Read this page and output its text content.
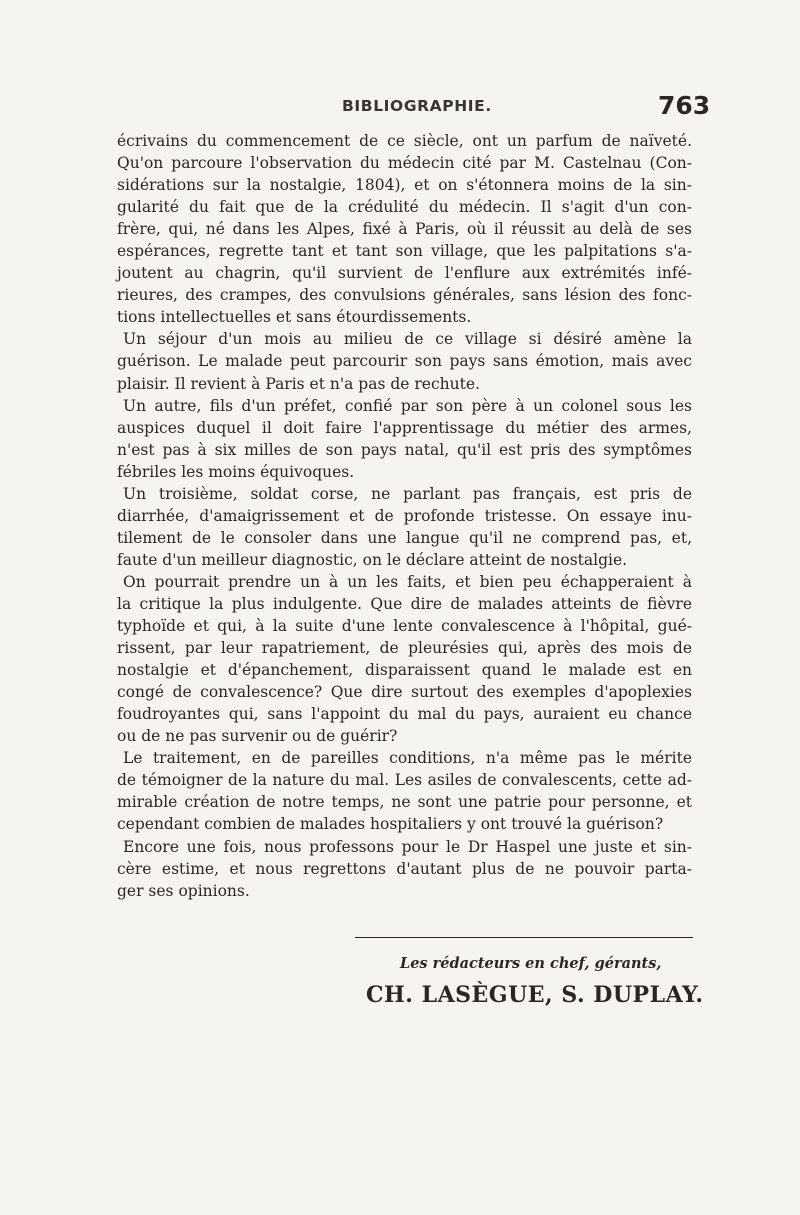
BIBLIOGRAPHIE.	763
écrivains du commencement de ce siècle, ont un parfum de naïveté.
Qu'on parcoure l'observation du médecin cité par M. Castelnau (Con-
sidérations sur la nostalgie, 1804), et on s'étonnera moins de la sin-
gularité du fait que de la crédulité du médecin. Il s'agit d'un con-
frère, qui, né dans les Alpes, fixé à Paris, où il réussit au delà de ses
espérances, regrette tant et tant son village, que les palpitations s'a-
joutent au chagrin, qu'il survient de l'enflure aux extrémités infé-
rieures, des crampes, des convulsions générales, sans lésion des fonc-
tions intellectuelles et sans étourdissements.
Un séjour d'un mois au milieu de ce village si désiré amène la
guérison. Le malade peut parcourir son pays sans émotion, mais avec
plaisir. Il revient à Paris et n'a pas de rechute.
Un autre, fils d'un préfet, confié par son père à un colonel sous les
auspices duquel il doit faire l'apprentissage du métier des armes,
n'est pas à six milles de son pays natal, qu'il est pris des symptômes
fébriles les moins équivoques.
Un troisième, soldat corse, ne parlant pas français, est pris de
diarrhée, d'amaigrissement et de profonde tristesse. On essaye inu-
tilement de le consoler dans une langue qu'il ne comprend pas, et,
faute d'un meilleur diagnostic, on le déclare atteint de nostalgie.
On pourrait prendre un à un les faits, et bien peu échapperaient à
la critique la plus indulgente. Que dire de malades atteints de fièvre
typhoïde et qui, à la suite d'une lente convalescence à l'hôpital, gué-
rissent, par leur rapatriement, de pleurésies qui, après des mois de
nostalgie et d'épanchement, disparaissent quand le malade est en
congé de convalescence? Que dire surtout des exemples d'apoplexies
foudroyantes qui, sans l'appoint du mal du pays, auraient eu chance
ou de ne pas survenir ou de guérir?
Le traitement, en de pareilles conditions, n'a même pas le mérite
de témoigner de la nature du mal. Les asiles de convalescents, cette ad-
mirable création de notre temps, ne sont une patrie pour personne, et
cependant combien de malades hospitaliers y ont trouvé la guérison?
Encore une fois, nous professons pour le Dr Haspel une juste et sin-
cère estime, et nous regrettons d'autant plus de ne pouvoir parta-
ger ses opinions.
Les rédacteurs en chef, gérants,
CH. LASÈGUE, S. DUPLAY.
